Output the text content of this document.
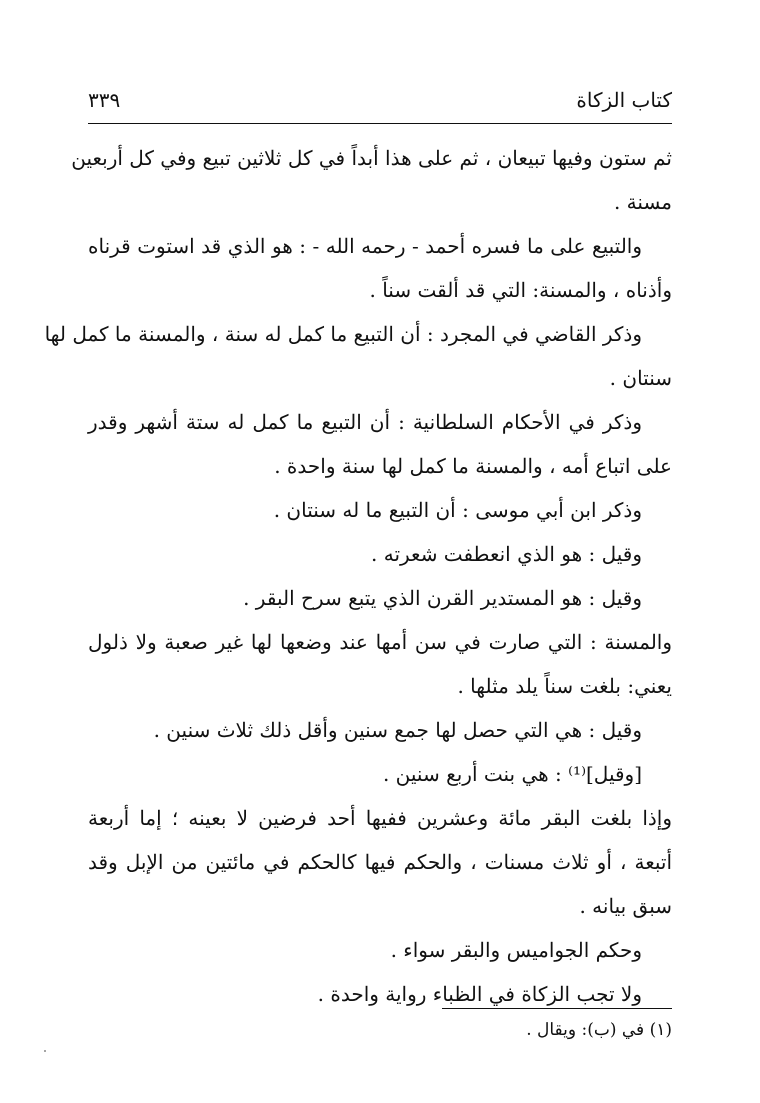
كتاب الزكاة
٣٣٩
ثم ستون وفيها تبيعان ، ثم على هذا أبداً في كل ثلاثين تبيع وفي كل أربعين
مسنة .
والتبيع على ما فسره أحمد - رحمه الله - : هو الذي قد استوت قرناه
وأذناه ، والمسنة: التي قد ألقت سناً .
وذكر القاضي في المجرد : أن التبيع ما كمل له سنة ، والمسنة ما كمل لها
سنتان .
وذكر في الأحكام السلطانية : أن التبيع ما كمل له ستة أشهر وقدر
على اتباع أمه ، والمسنة ما كمل لها سنة واحدة .
وذكر ابن أبي موسى : أن التبيع ما له سنتان .
وقيل : هو الذي انعطفت شعرته .
وقيل : هو المستدير القرن الذي يتبع سرح البقر .
والمسنة : التي صارت في سن أمها عند وضعها لها غير صعبة ولا ذلول
يعني: بلغت سناً يلد مثلها .
وقيل : هي التي حصل لها جمع سنين وأقل ذلك ثلاث سنين .
[وقيل]⁽¹⁾ : هي بنت أربع سنين .
وإذا بلغت البقر مائة وعشرين ففيها أحد فرضين لا بعينه ؛ إما أربعة
أتبعة ، أو ثلاث مسنات ، والحكم فيها كالحكم في مائتين من الإبل وقد
سبق بيانه .
وحكم الجواميس والبقر سواء .
ولا تجب الزكاة في الظباء رواية واحدة .
(١) في (ب): ويقال .
